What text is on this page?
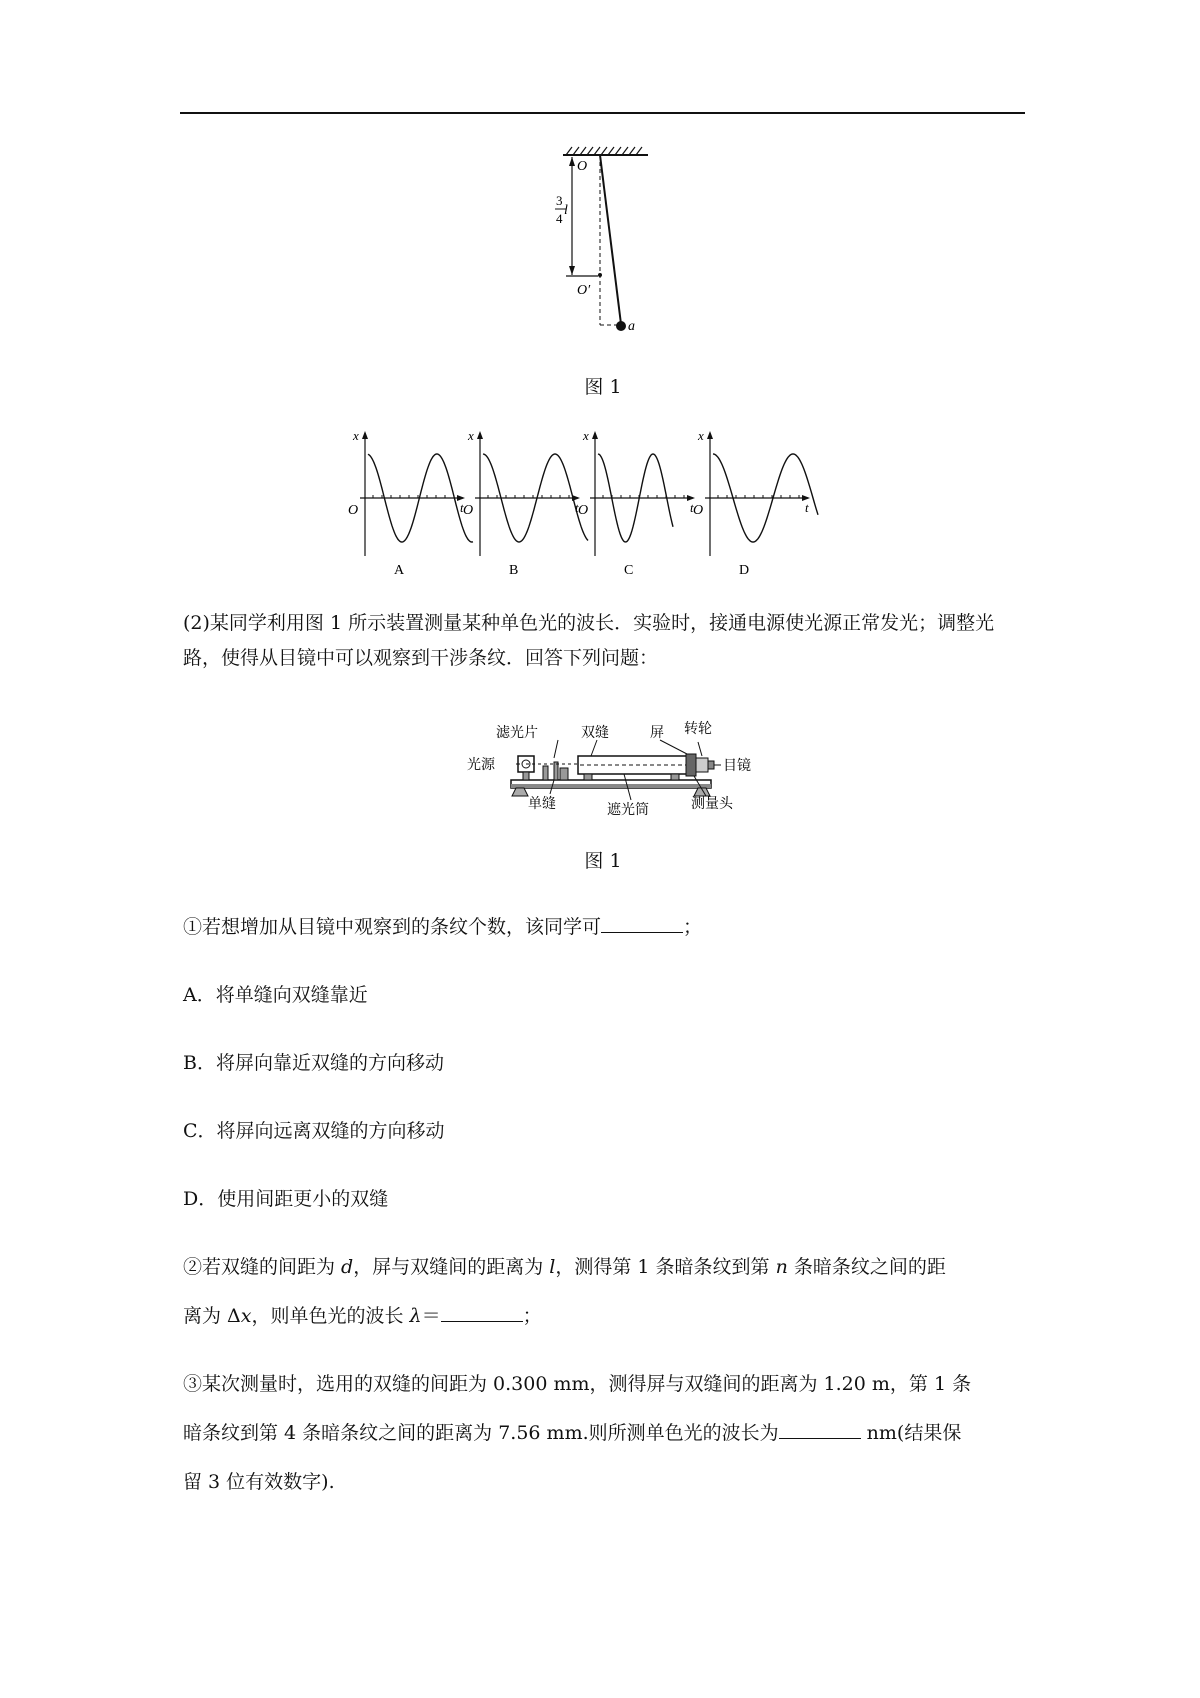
O
O′
a
3
4
l
图 1
x
O	t
A
x
O	t
B
x
O	t
C
x
O	t
D
(2)某同学利用图 1 所示装置测量某种单色光的波长．实验时，接通电源使光源正常发光；调整光路，使得从目镜中可以观察到干涉条纹．回答下列问题：
滤光片	双缝	屏 转轮
光源	目镜
单缝	遮光筒	测量头
图 1
①若想增加从目镜中观察到的条纹个数，该同学可	；
A．将单缝向双缝靠近
B．将屏向靠近双缝的方向移动
C．将屏向远离双缝的方向移动
D．使用间距更小的双缝
②若双缝的间距为 d，屏与双缝间的距离为 l，测得第 1 条暗条纹到第 n 条暗条纹之间的距
离为 Δx，则单色光的波长 λ＝	；
③某次测量时，选用的双缝的间距为 0.300 mm，测得屏与双缝间的距离为 1.20 m，第 1 条
暗条纹到第 4 条暗条纹之间的距离为 7.56 mm.则所测单色光的波长为	nm(结果保
留 3 位有效数字).
